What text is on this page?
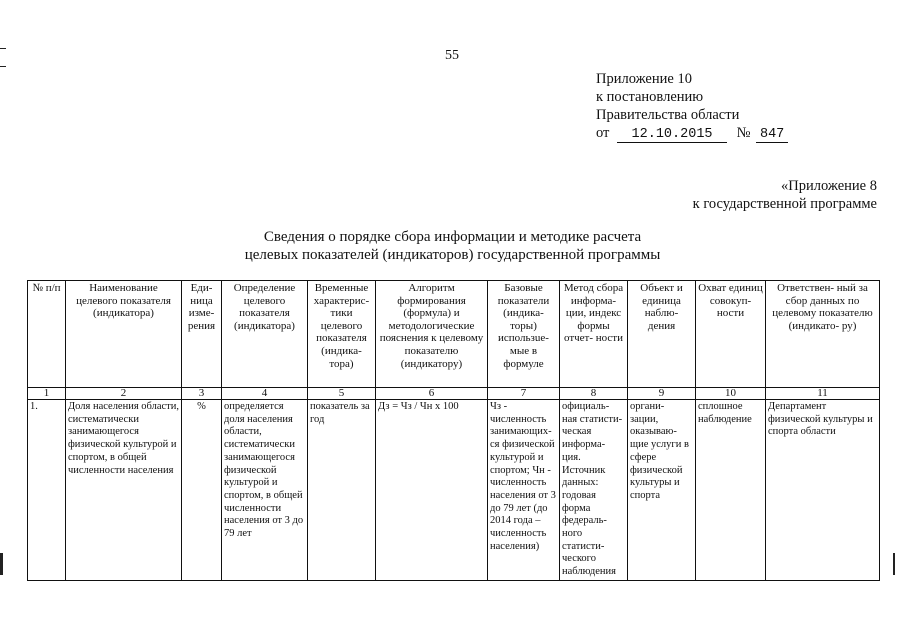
55
Приложение 10
к постановлению
Правительства области
от 12.10.2015 № 847
«Приложение 8
к государственной программе
Сведения о порядке сбора информации и методике расчета
целевых показателей (индикаторов) государственной программы
№ п/п	Наименование целевого показателя (индикатора)	Еди- ница изме- рения	Определение целевого показателя (индикатора)	Временные характерис- тики целевого показателя (индика- тора)	Алгоритм формирования (формула) и методологические пояснения к целевому показателю (индикатору)	Базовые показатели (индика- торы) использue- мые в формуле	Метод сбора информа- ции, индекс формы отчет- ности	Объект и единица наблю- дения	Охват единиц совокуп- ности	Ответствен- ный за сбор данных по целевому показателю (индикато- ру)
1	2	3	4	5	6	7	8	9	10	11
1.	Доля населения области, систематически занимающегося физической культурой и спортом, в общей численности населения	%	определяется доля населения области, систематически занимающегося физической культурой и спортом, в общей численности населения от 3 до 79 лет	показатель за год	Дз = Чз / Чн х 100	Чз - численность занимающих- ся физической культурой и спортом; Чн - численность населения от 3 до 79 лет (до 2014 года – численность населения)	официаль- ная статисти- ческая информа- ция. Источник данных: годовая форма федераль- ного статисти- ческого наблюдения	органи- зации, оказываю- щие услуги в сфере физической культуры и спорта	сплошное наблюдение	Департамент физической культуры и спорта области
